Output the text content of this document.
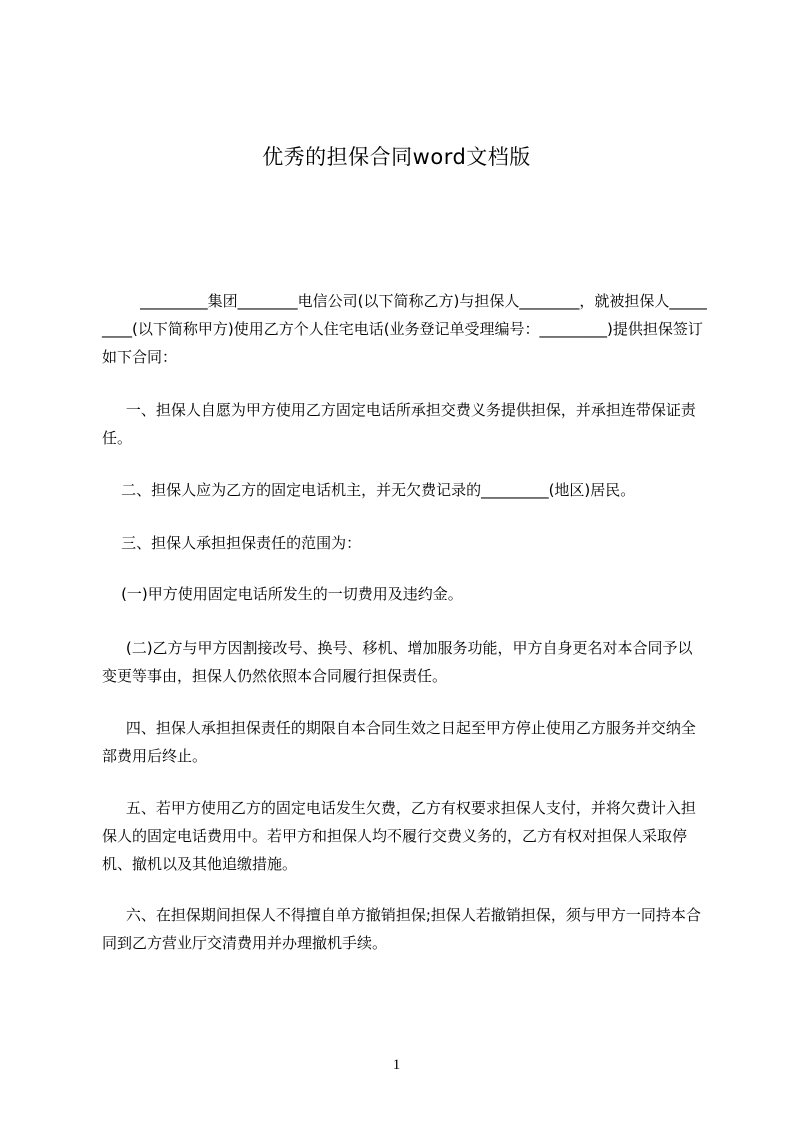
优秀的担保合同word文档版

_________集团________电信公司(以下简称乙方)与担保人________，就被担保人_________(以下简称甲方)使用乙方个人住宅电话(业务登记单受理编号：_________)提供担保签订如下合同：

一、担保人自愿为甲方使用乙方固定电话所承担交费义务提供担保，并承担连带保证责任。

二、担保人应为乙方的固定电话机主，并无欠费记录的_________(地区)居民。

三、担保人承担担保责任的范围为：

(一)甲方使用固定电话所发生的一切费用及违约金。

(二)乙方与甲方因割接改号、换号、移机、增加服务功能，甲方自身更名对本合同予以变更等事由，担保人仍然依照本合同履行担保责任。

四、担保人承担担保责任的期限自本合同生效之日起至甲方停止使用乙方服务并交纳全部费用后终止。

五、若甲方使用乙方的固定电话发生欠费，乙方有权要求担保人支付，并将欠费计入担保人的固定电话费用中。若甲方和担保人均不履行交费义务的，乙方有权对担保人采取停机、撤机以及其他追缴措施。

六、在担保期间担保人不得擅自单方撤销担保;担保人若撤销担保，须与甲方一同持本合同到乙方营业厅交清费用并办理撤机手续。

1
